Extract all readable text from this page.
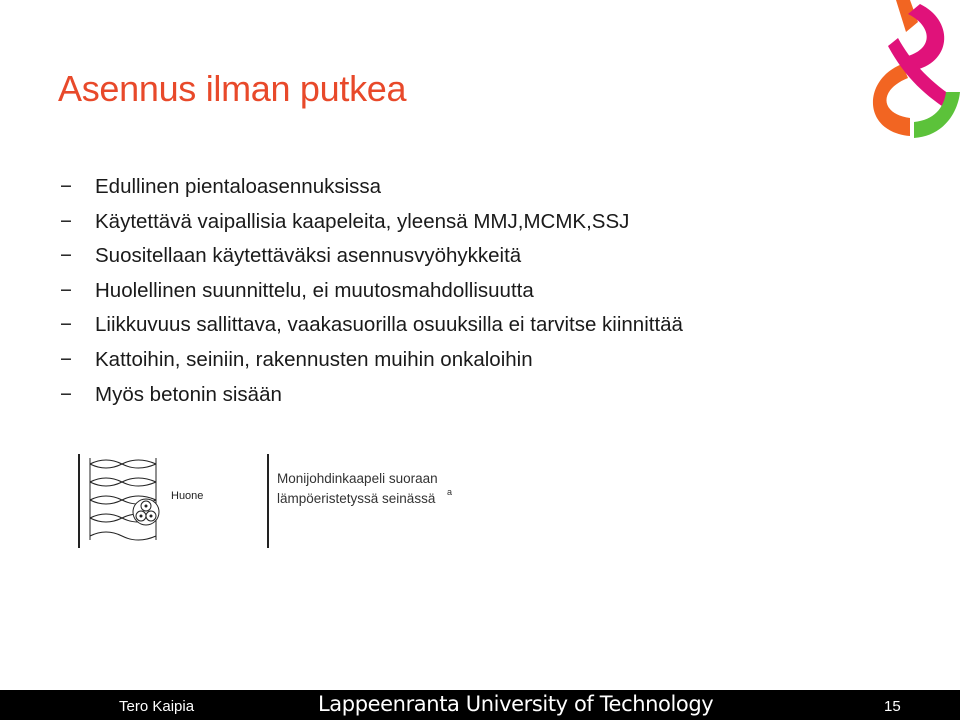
Asennus ilman putkea
− Edullinen pientaloasennuksissa
− Käytettävä vaipallisia kaapeleita, yleensä MMJ,MCMK,SSJ
− Suositellaan käytettäväksi asennusvyöhykkeitä
− Huolellinen suunnittelu, ei muutosmahdollisuutta
− Liikkuvuus sallittava, vaakasuorilla osuuksilla ei tarvitse kiinnittää
− Kattoihin, seiniin, rakennusten muihin onkaloihin
− Myös betonin sisään
Huone
Monijohdinkaapeli suoraan
lämpöeristetyssä seinässä a
Tero Kaipia	Lappeenranta University of Technology	15
